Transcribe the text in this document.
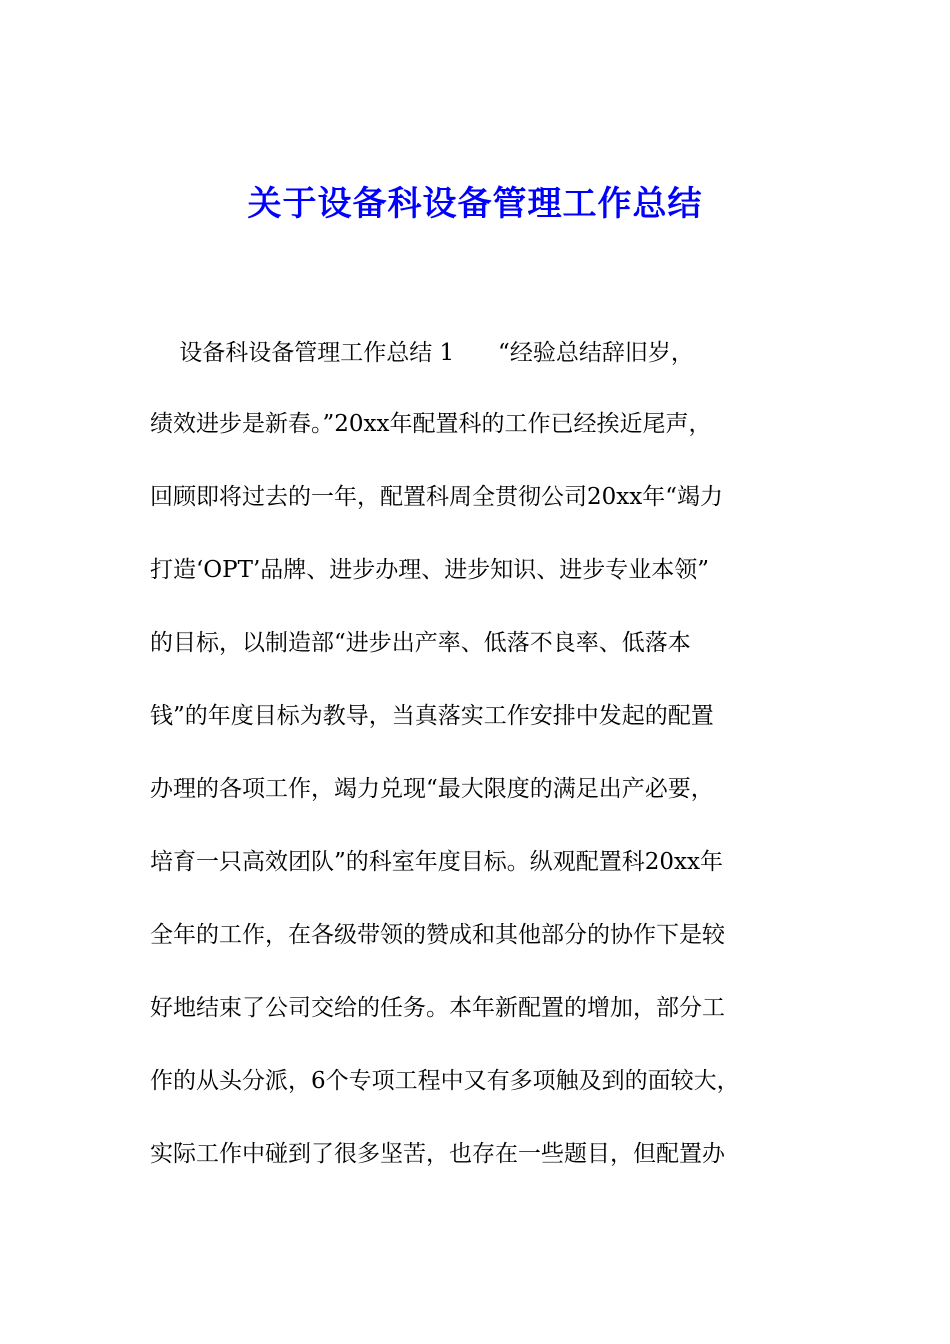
关于设备科设备管理工作总结
设备科设备管理工作总结 1      “经验总结辞旧岁，
绩效进步是新春。”20xx年配置科的工作已经挨近尾声，
回顾即将过去的一年，配置科周全贯彻公司20xx年“竭力
打造‘OPT’品牌、进步办理、进步知识、进步专业本领”
的目标，以制造部“进步出产率、低落不良率、低落本
钱”的年度目标为教导，当真落实工作安排中发起的配置
办理的各项工作，竭力兑现“最大限度的满足出产必要，
培育一只高效团队”的科室年度目标。纵观配置科20xx年
全年的工作，在各级带领的赞成和其他部分的协作下是较
好地结束了公司交给的任务。本年新配置的增加，部分工
作的从头分派，6个专项工程中又有多项触及到的面较大，
实际工作中碰到了很多坚苦，也存在一些题目，但配置办
